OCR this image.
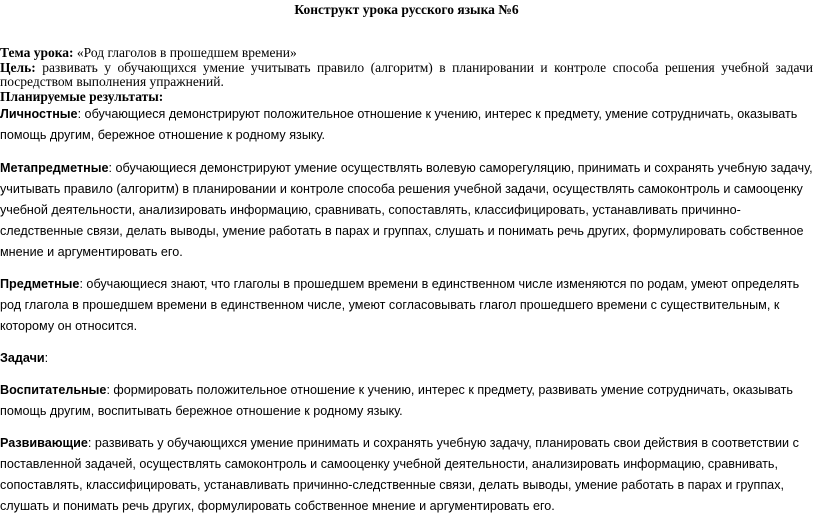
Конструкт урока русского языка №6
Тема урока: «Род глаголов в прошедшем времени»
Цель: развивать у обучающихся умение учитывать правило (алгоритм) в планировании и контроле способа решения учебной задачи посредством выполнения упражнений.
Планируемые результаты:
Личностные: обучающиеся демонстрируют положительное отношение к учению, интерес к предмету, умение сотрудничать, оказывать помощь другим, бережное отношение к родному языку.
Метапредметные: обучающиеся демонстрируют умение осуществлять волевую саморегуляцию, принимать и сохранять учебную задачу, учитывать правило (алгоритм) в планировании и контроле способа решения учебной задачи, осуществлять самоконтроль и самооценку учебной деятельности, анализировать информацию, сравнивать, сопоставлять, классифицировать, устанавливать причинно-следственные связи, делать выводы, умение работать в парах и группах, слушать и понимать речь других, формулировать собственное мнение и аргументировать его.
Предметные: обучающиеся знают, что глаголы в прошедшем времени в единственном числе изменяются по родам, умеют определять род глагола в прошедшем времени в единственном числе, умеют согласовывать глагол прошедшего времени с существительным, к которому он относится.
Задачи:
Воспитательные: формировать положительное отношение к учению, интерес к предмету, развивать умение сотрудничать, оказывать помощь другим, воспитывать бережное отношение к родному языку.
Развивающие: развивать у обучающихся умение принимать и сохранять учебную задачу, планировать свои действия в соответствии с поставленной задачей, осуществлять самоконтроль и самооценку учебной деятельности, анализировать информацию, сравнивать, сопоставлять, классифицировать, устанавливать причинно-следственные связи, делать выводы, умение работать в парах и группах, слушать и понимать речь других, формулировать собственное мнение и аргументировать его.
